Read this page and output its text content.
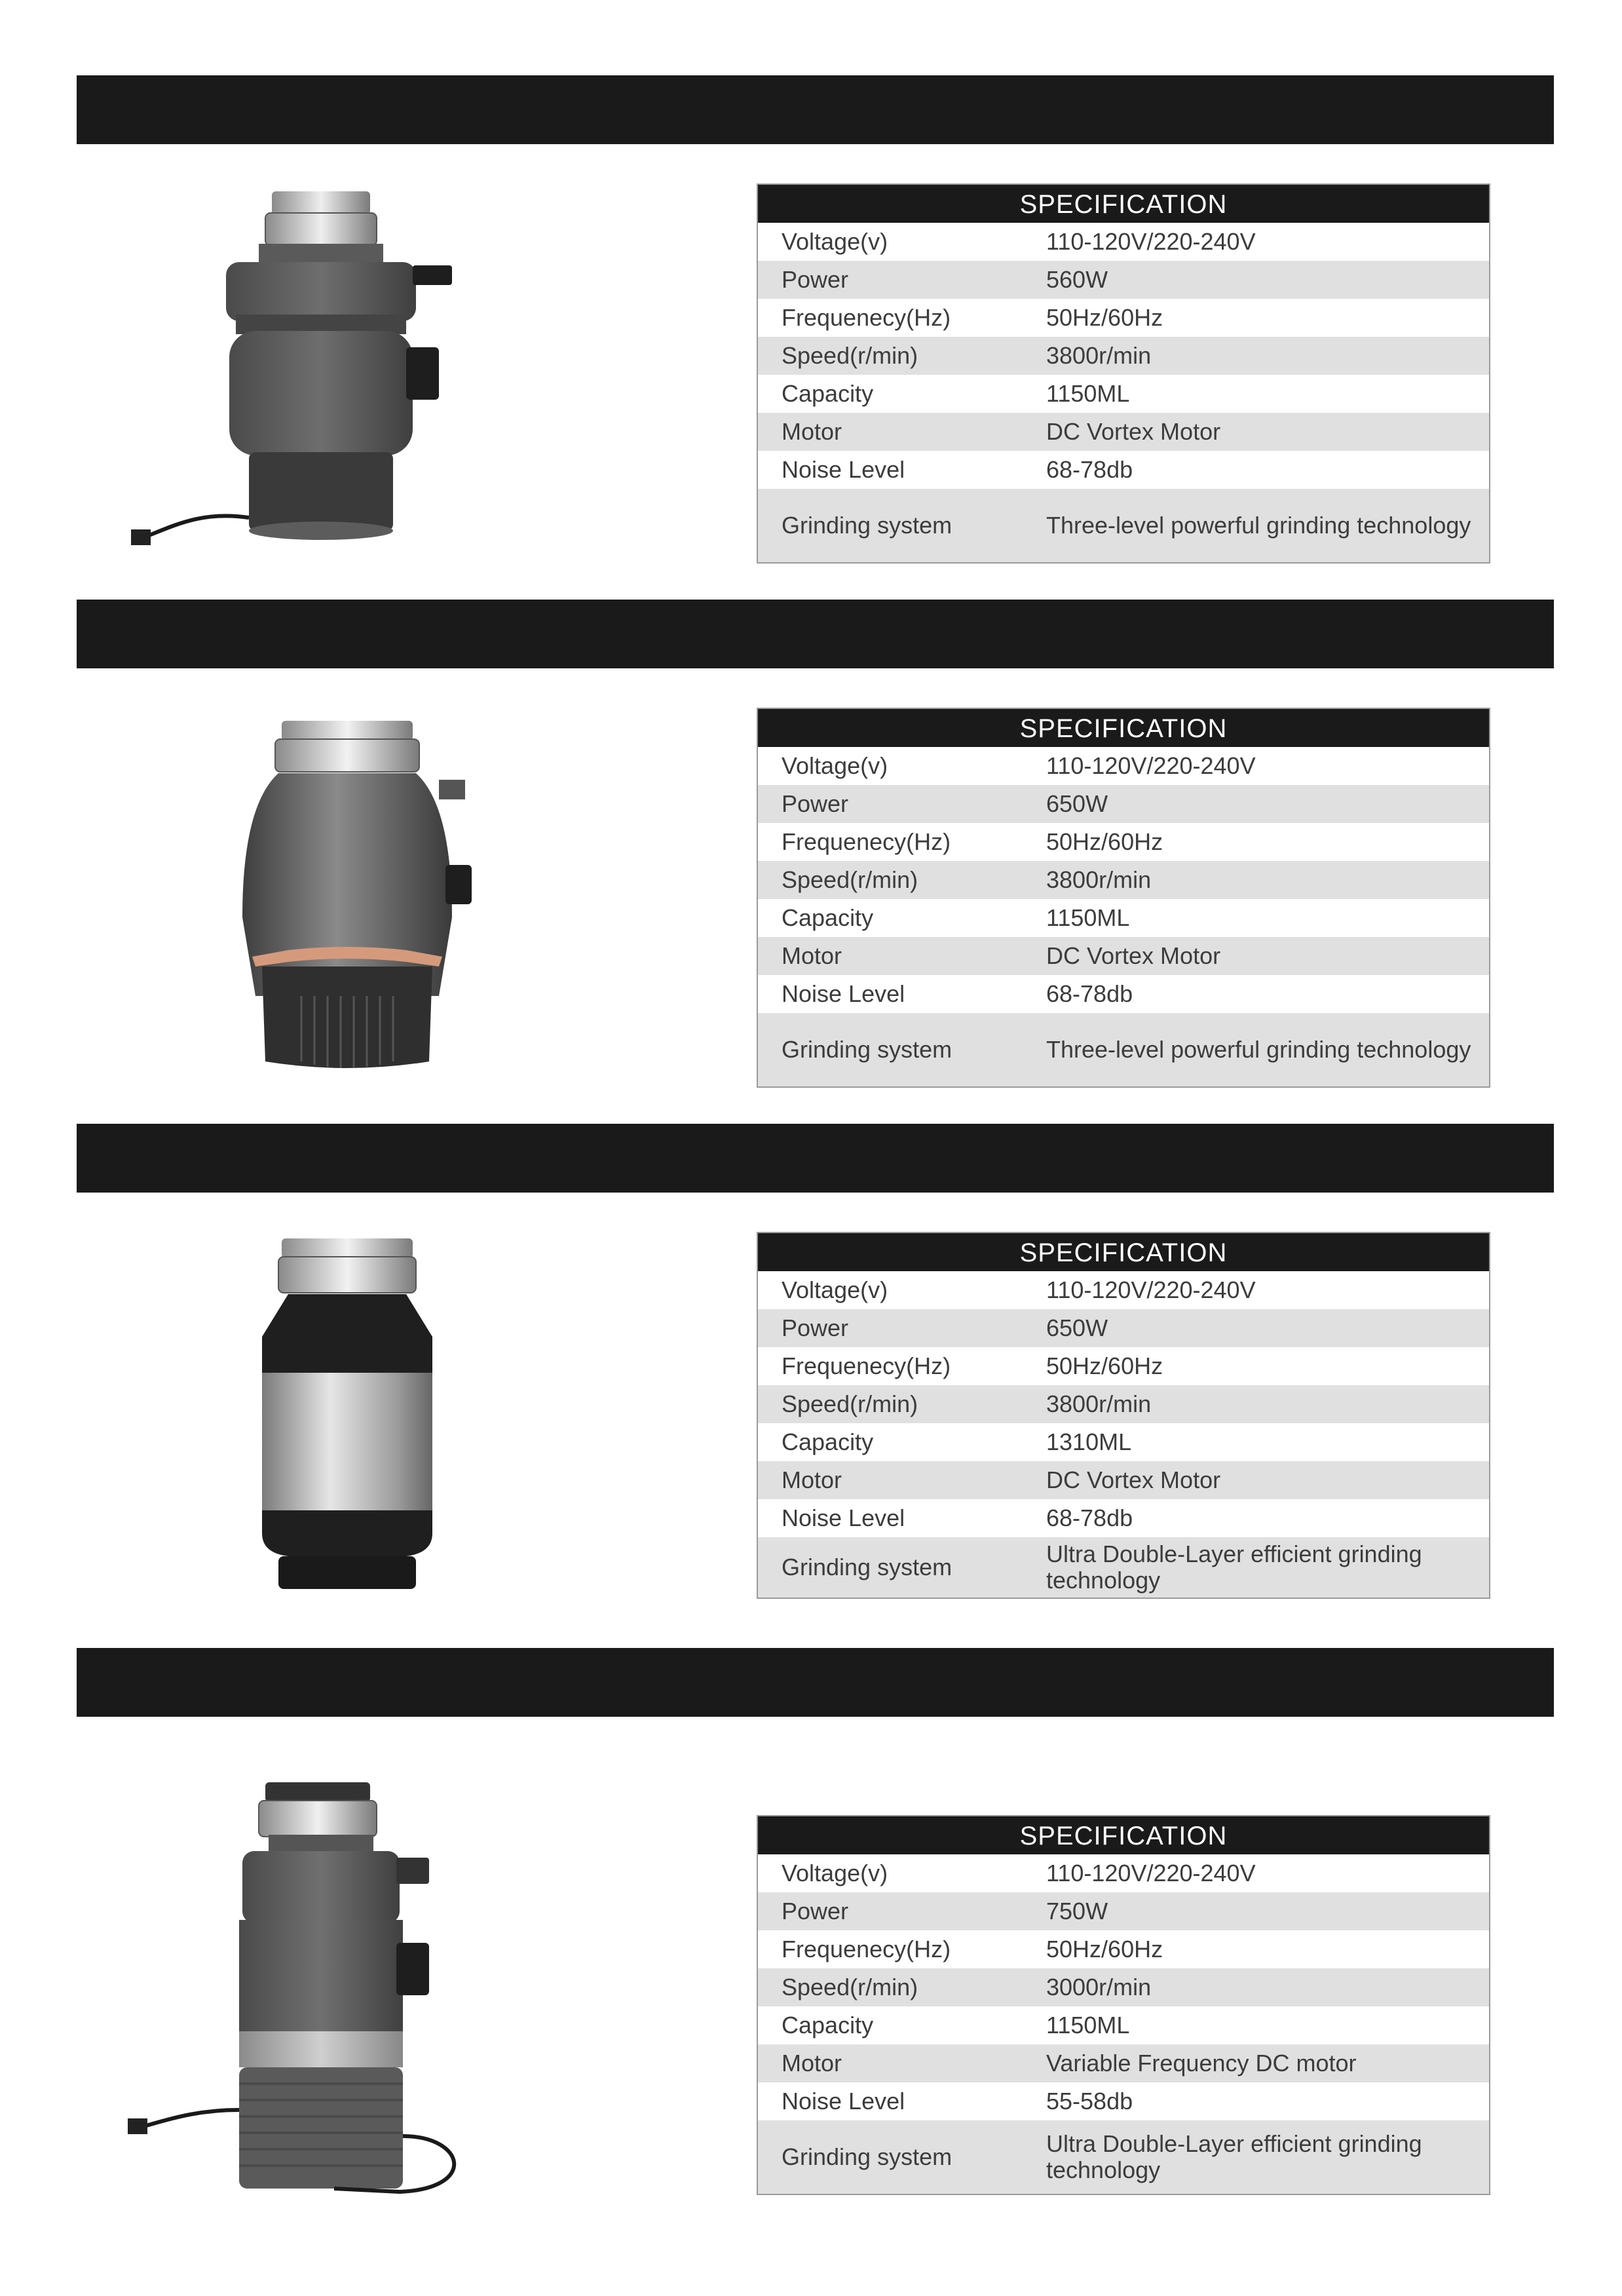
SPECIFICATION
Voltage(v)	110-120V/220-240V
Power	560W
Frequenecy(Hz)	50Hz/60Hz
Speed(r/min)	3800r/min
Capacity	1150ML
Motor	DC Vortex Motor
Noise Level	68-78db
Grinding system	Three-level powerful grinding technology
SPECIFICATION
Voltage(v)	110-120V/220-240V
Power	650W
Frequenecy(Hz)	50Hz/60Hz
Speed(r/min)	3800r/min
Capacity	1150ML
Motor	DC Vortex Motor
Noise Level	68-78db
Grinding system	Three-level powerful grinding technology
SPECIFICATION
Voltage(v)	110-120V/220-240V
Power	650W
Frequenecy(Hz)	50Hz/60Hz
Speed(r/min)	3800r/min
Capacity	1310ML
Motor	DC Vortex Motor
Noise Level	68-78db
Grinding system	Ultra Double-Layer efficient grinding technology
SPECIFICATION
Voltage(v)	110-120V/220-240V
Power	750W
Frequenecy(Hz)	50Hz/60Hz
Speed(r/min)	3000r/min
Capacity	1150ML
Motor	Variable Frequency DC motor
Noise Level	55-58db
Grinding system	Ultra Double-Layer efficient grinding technology
